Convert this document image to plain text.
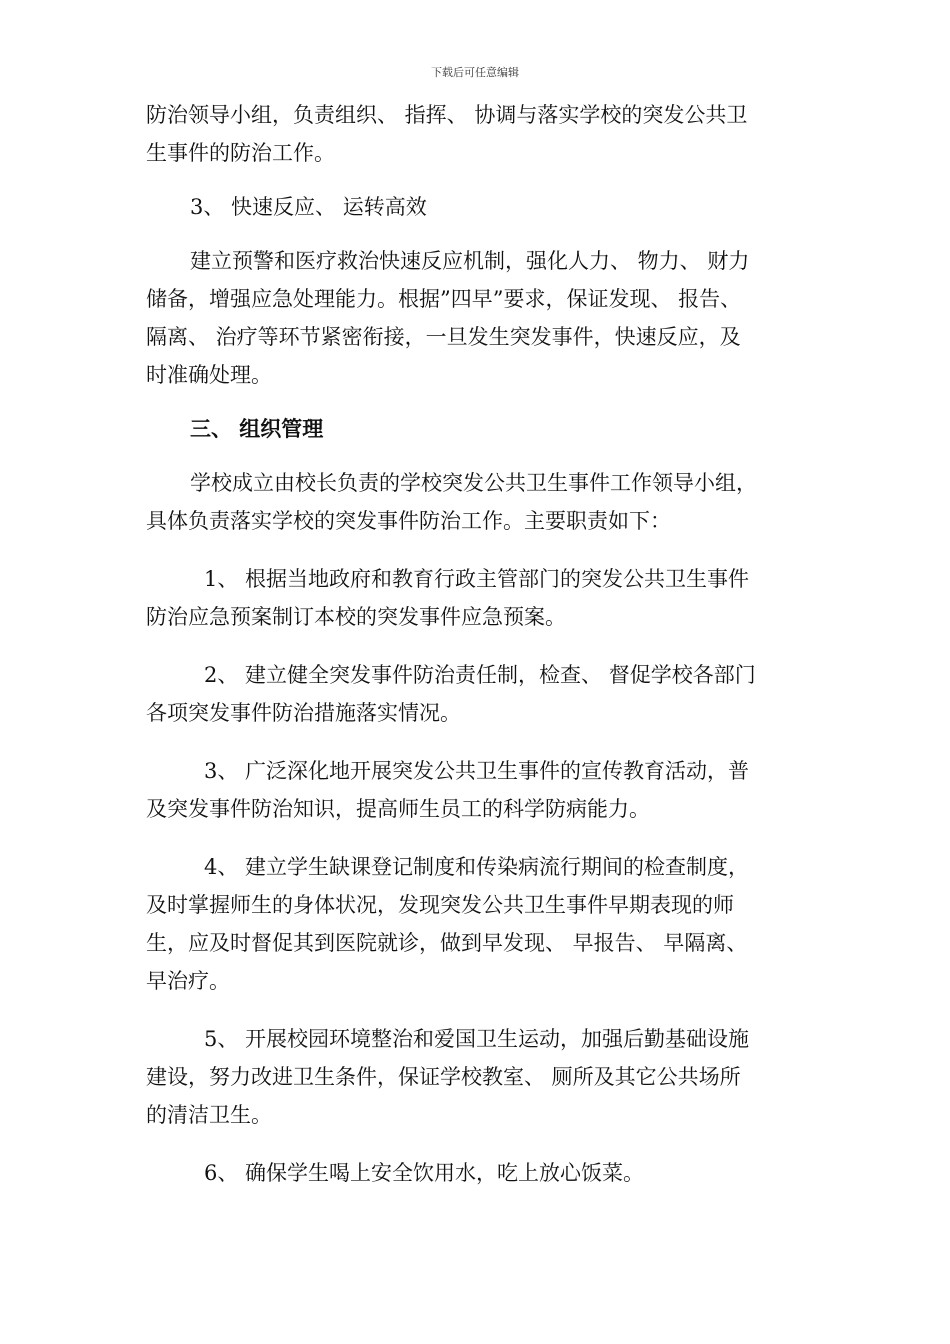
下载后可任意编辑
防治领导小组，负责组织、 指挥、 协调与落实学校的突发公共卫
生事件的防治工作。
3、 快速反应、 运转高效
建立预警和医疗救治快速反应机制，强化人力、 物力、 财力
储备，增强应急处理能力。根据”四早”要求，保证发现、 报告、
隔离、 治疗等环节紧密衔接，一旦发生突发事件，快速反应，及
时准确处理。
三、 组织管理
学校成立由校长负责的学校突发公共卫生事件工作领导小组，
具体负责落实学校的突发事件防治工作。主要职责如下：
1、 根据当地政府和教育行政主管部门的突发公共卫生事件
防治应急预案制订本校的突发事件应急预案。
2、 建立健全突发事件防治责任制，检查、 督促学校各部门
各项突发事件防治措施落实情况。
3、 广泛深化地开展突发公共卫生事件的宣传教育活动，普
及突发事件防治知识，提高师生员工的科学防病能力。
4、 建立学生缺课登记制度和传染病流行期间的检查制度，
及时掌握师生的身体状况，发现突发公共卫生事件早期表现的师
生，应及时督促其到医院就诊，做到早发现、 早报告、 早隔离、
早治疗。
5、 开展校园环境整治和爱国卫生运动，加强后勤基础设施
建设，努力改进卫生条件，保证学校教室、 厕所及其它公共场所
的清洁卫生。
6、 确保学生喝上安全饮用水，吃上放心饭菜。
